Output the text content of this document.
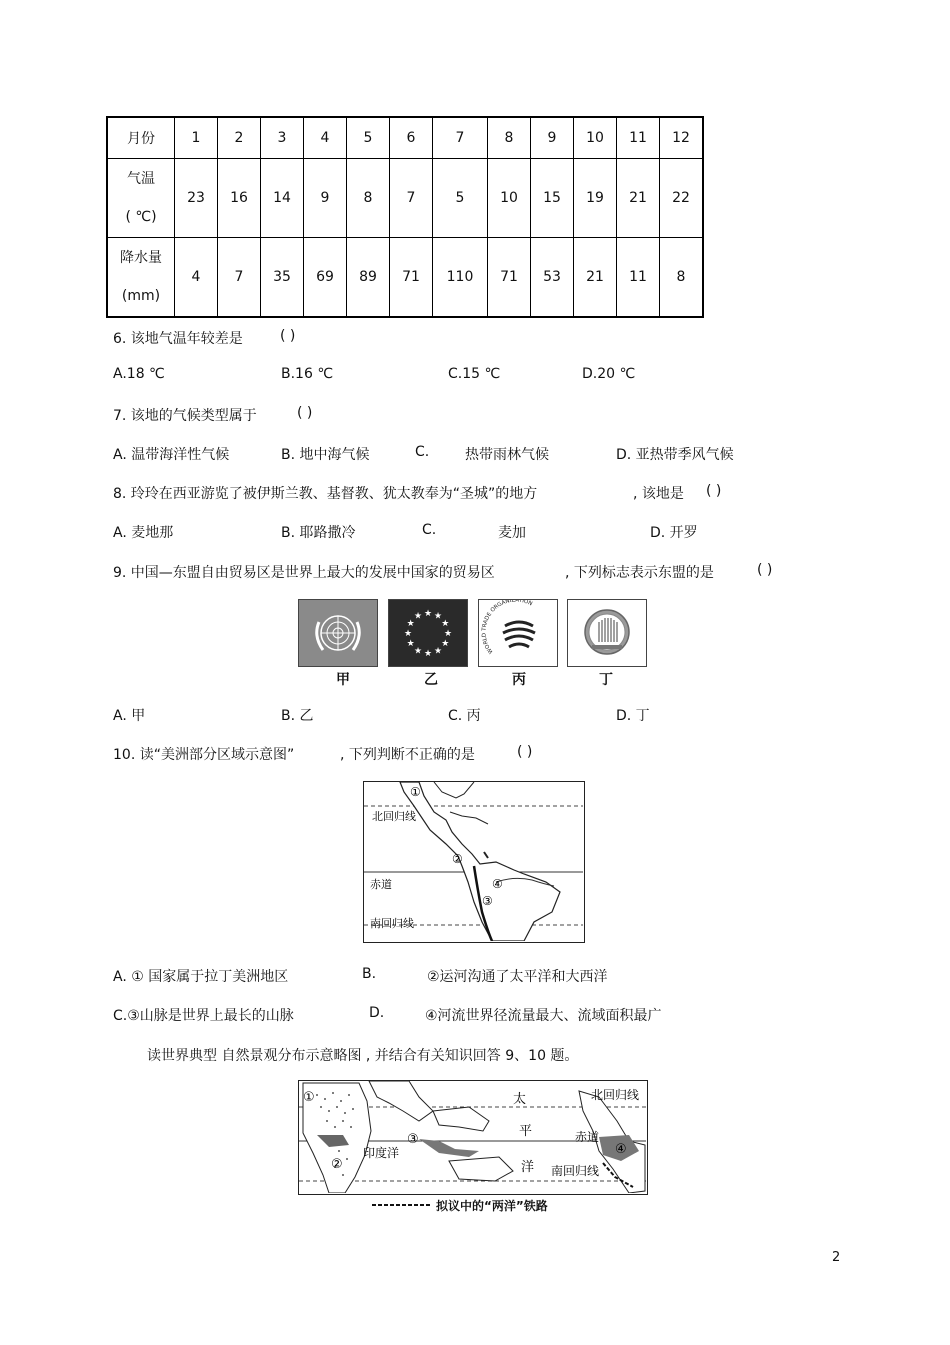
月份	1	2	3	4	5	6	7	8	9	10	11	12

气温
( ℃)	23	16	14	9	8	7	5	10	15	19	21	22

降水量
(mm)	4	7	35	69	89	71	110	71	53	21	11	8
6. 该地气温年较差是	( )
A.18 ℃	B.16 ℃	C.15 ℃	D.20 ℃
7. 该地的气候类型属于	( )
A. 温带海洋性气候	B. 地中海气候	C.	热带雨林气候	D. 亚热带季风气候
8. 玲玲在西亚游览了被伊斯兰教、基督教、犹太教奉为“圣城”的地方	, 该地是 ( )
A. 麦地那	B. 耶路撒冷	C.	麦加	D. 开罗
9. 中国—东盟自由贸易区是世界上最大的发展中国家的贸易区	, 下列标志表示东盟的是	( )
★
★
★
★
★
★
★
★
★ ★ ★
★
WORLD TRADE ORGANIZATION
甲	乙	丙	丁
A. 甲	B. 乙	C. 丙	D. 丁
10. 读“美洲部分区域示意图”	, 下列判断不正确的是	( )
北回归线
赤道
南回归线
①
②
③
④
A. ① 国家属于拉丁美洲地区	B.	②运河沟通了太平洋和大西洋
C.③山脉是世界上最长的山脉	D.	④河流世界径流量最大、流域面积最广
读世界典型 自然景观分布示意略图 , 并结合有关知识回答 9、10 题。
①
②
③
④
太
平
洋
印度洋
北回归线
赤道
南回归线
拟议中的“两洋”铁路
2
